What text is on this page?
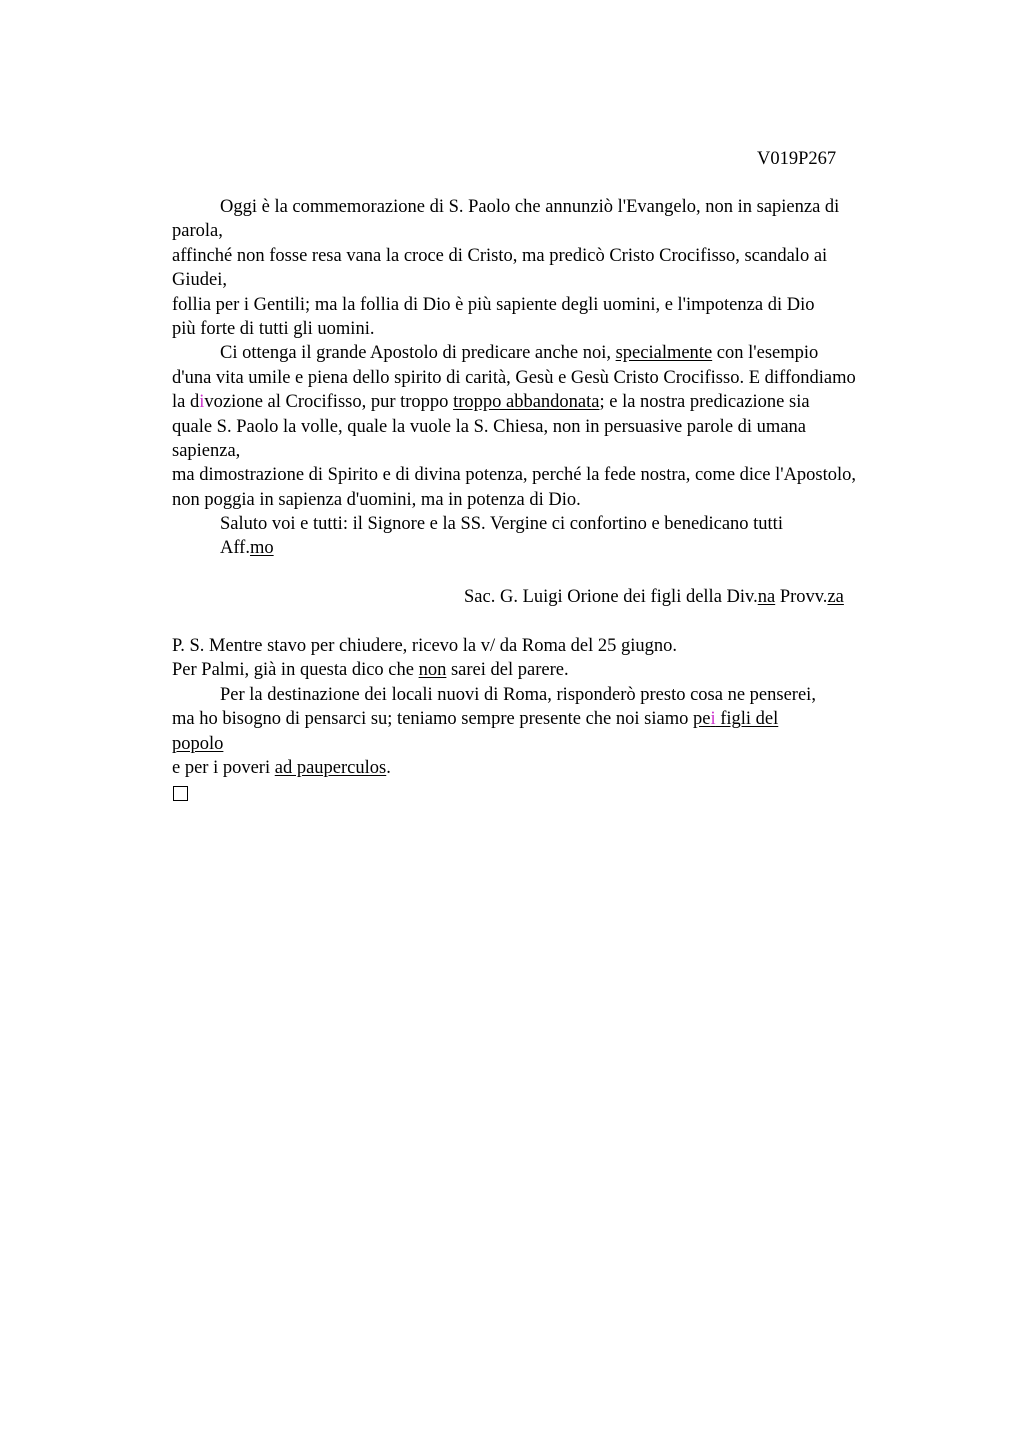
V019P267
Oggi è la commemorazione di S. Paolo che annunziò l'Evangelo, non in sapienza di
parola,
affinché non fosse resa vana la croce di Cristo, ma predicò Cristo Crocifisso, scandalo ai
Giudei,
follia per i Gentili; ma la follia di Dio è più sapiente degli uomini, e l'impotenza di Dio
più forte di tutti gli uomini.
Ci ottenga il grande Apostolo di predicare anche noi, specialmente con l'esempio
d'una vita umile e piena dello spirito di carità, Gesù e Gesù Cristo Crocifisso. E diffondiamo
la divozione al Crocifisso, pur troppo troppo abbandonata; e la nostra predicazione sia
quale S. Paolo la volle, quale la vuole la S. Chiesa, non in persuasive parole di umana
sapienza,
ma dimostrazione di Spirito e di divina potenza, perché la fede nostra, come dice l'Apostolo,
non poggia in sapienza d'uomini, ma in potenza di Dio.
Saluto voi e tutti: il Signore e la SS. Vergine ci confortino e benedicano tutti
Aff.mo
Sac. G. Luigi Orione dei figli della Div.na Provv.za
P. S. Mentre stavo per chiudere, ricevo la v/ da Roma del 25 giugno.
Per Palmi, già in questa dico che non sarei del parere.
Per la destinazione dei locali nuovi di Roma, risponderò presto cosa ne penserei,
ma ho bisogno di pensarci su; teniamo sempre presente che noi siamo pei figli del
popolo
e per i poveri ad pauperculos.
